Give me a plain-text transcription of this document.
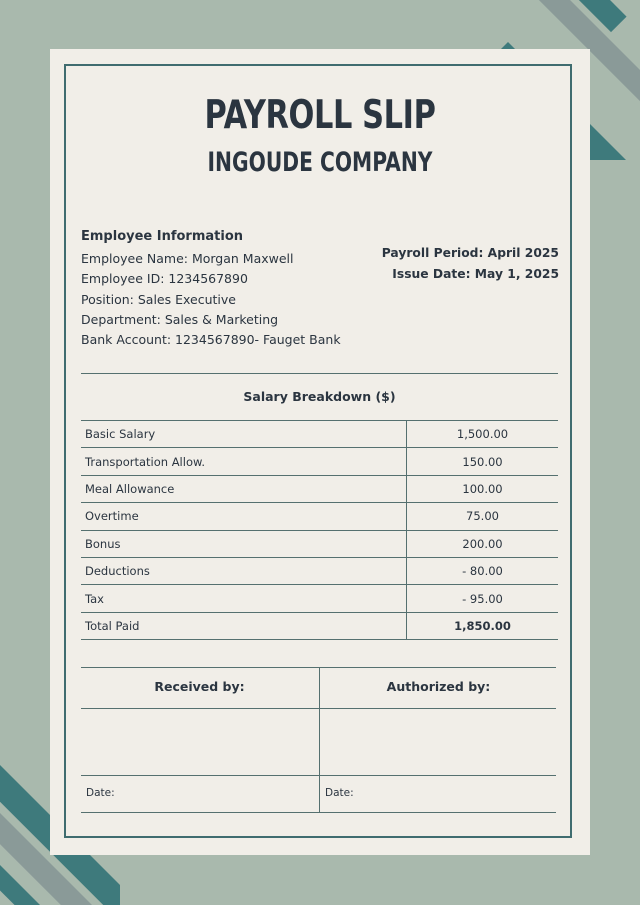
PAYROLL SLIP
INGOUDE COMPANY
Employee Information
Employee Name: Morgan Maxwell
Employee ID: 1234567890
Position: Sales Executive
Department: Sales & Marketing
Bank Account: 1234567890- Fauget Bank
Payroll Period: April 2025
Issue Date: May 1, 2025
Salary Breakdown ($)
Basic Salary	1,500.00
Transportation Allow.	150.00
Meal Allowance	100.00
Overtime	75.00
Bonus	200.00
Deductions	- 80.00
Tax	- 95.00
Total Paid	1,850.00
Received by:
Date:
Authorized by:
Date:
